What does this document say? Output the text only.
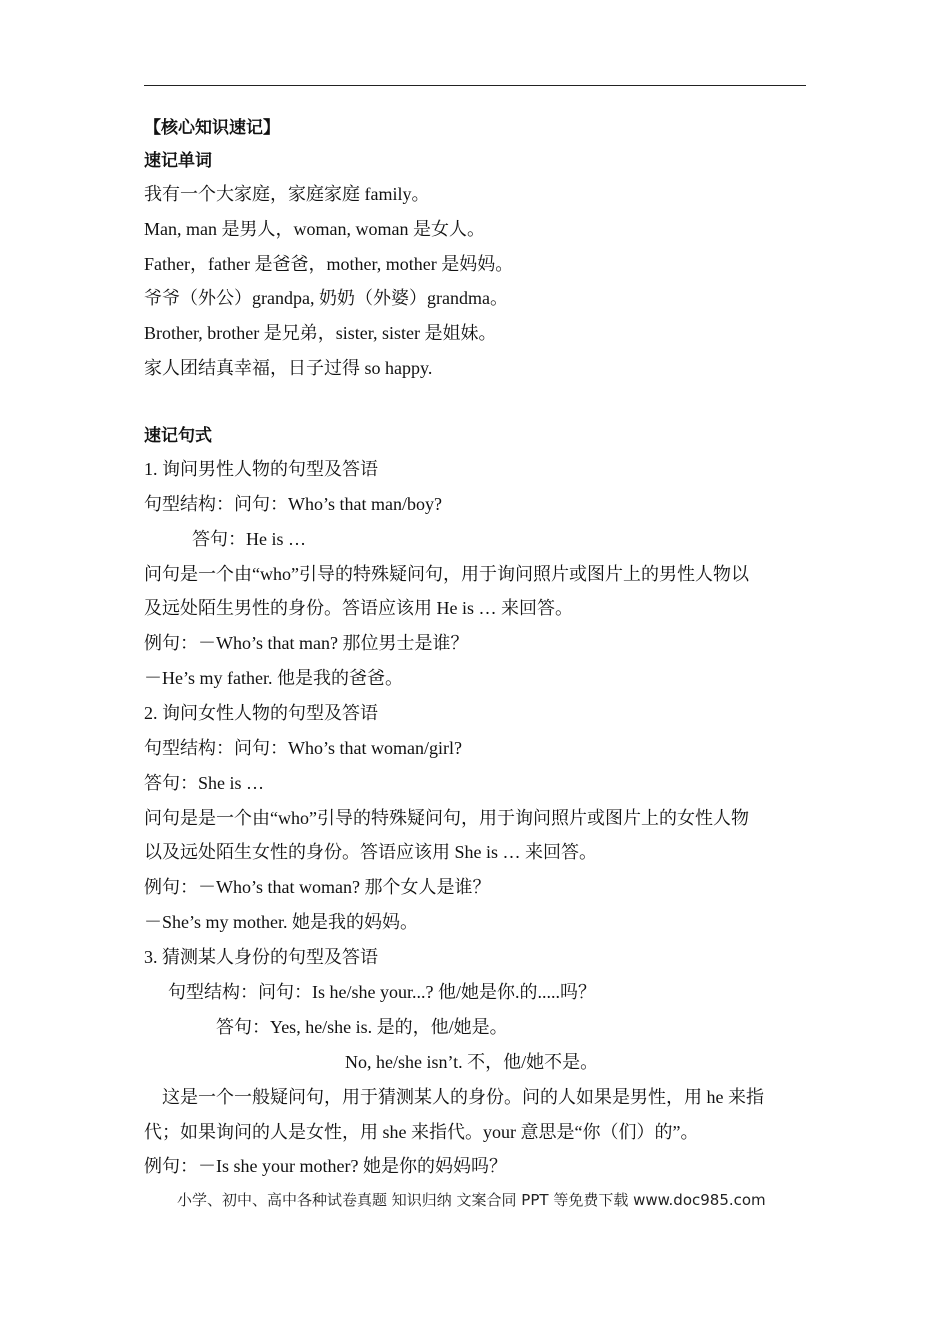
【核心知识速记】
速记单词
我有一个大家庭，家庭家庭 family。
Man, man 是男人，woman, woman 是女人。
Father，father 是爸爸，mother, mother 是妈妈。
爷爷（外公）grandpa, 奶奶（外婆）grandma。
Brother, brother 是兄弟，sister, sister 是姐妹。
家人团结真幸福，日子过得 so happy.
速记句式
1. 询问男性人物的句型及答语
句型结构：问句：Who’s that man/boy?
答句：He is …
问句是一个由“who”引导的特殊疑问句，用于询问照片或图片上的男性人物以
及远处陌生男性的身份。答语应该用 He is … 来回答。
例句：－Who’s that man? 那位男士是谁？
－He’s my father. 他是我的爸爸。
2. 询问女性人物的句型及答语
句型结构：问句：Who’s that woman/girl?
答句：She is …
问句是是一个由“who”引导的特殊疑问句，用于询问照片或图片上的女性人物
以及远处陌生女性的身份。答语应该用 She is … 来回答。
例句：－Who’s that woman? 那个女人是谁？
－She’s my mother. 她是我的妈妈。
3. 猜测某人身份的句型及答语
句型结构：问句：Is he/she your...? 他/她是你.的.....吗？
答句：Yes, he/she is. 是的，他/她是。
No, he/she isn’t. 不，他/她不是。
这是一个一般疑问句，用于猜测某人的身份。问的人如果是男性，用 he 来指
代；如果询问的人是女性，用 she 来指代。your 意思是“你（们）的”。
例句：－Is she your mother? 她是你的妈妈吗？
小学、初中、高中各种试卷真题 知识归纳 文案合同 PPT 等免费下载 www.doc985.com
